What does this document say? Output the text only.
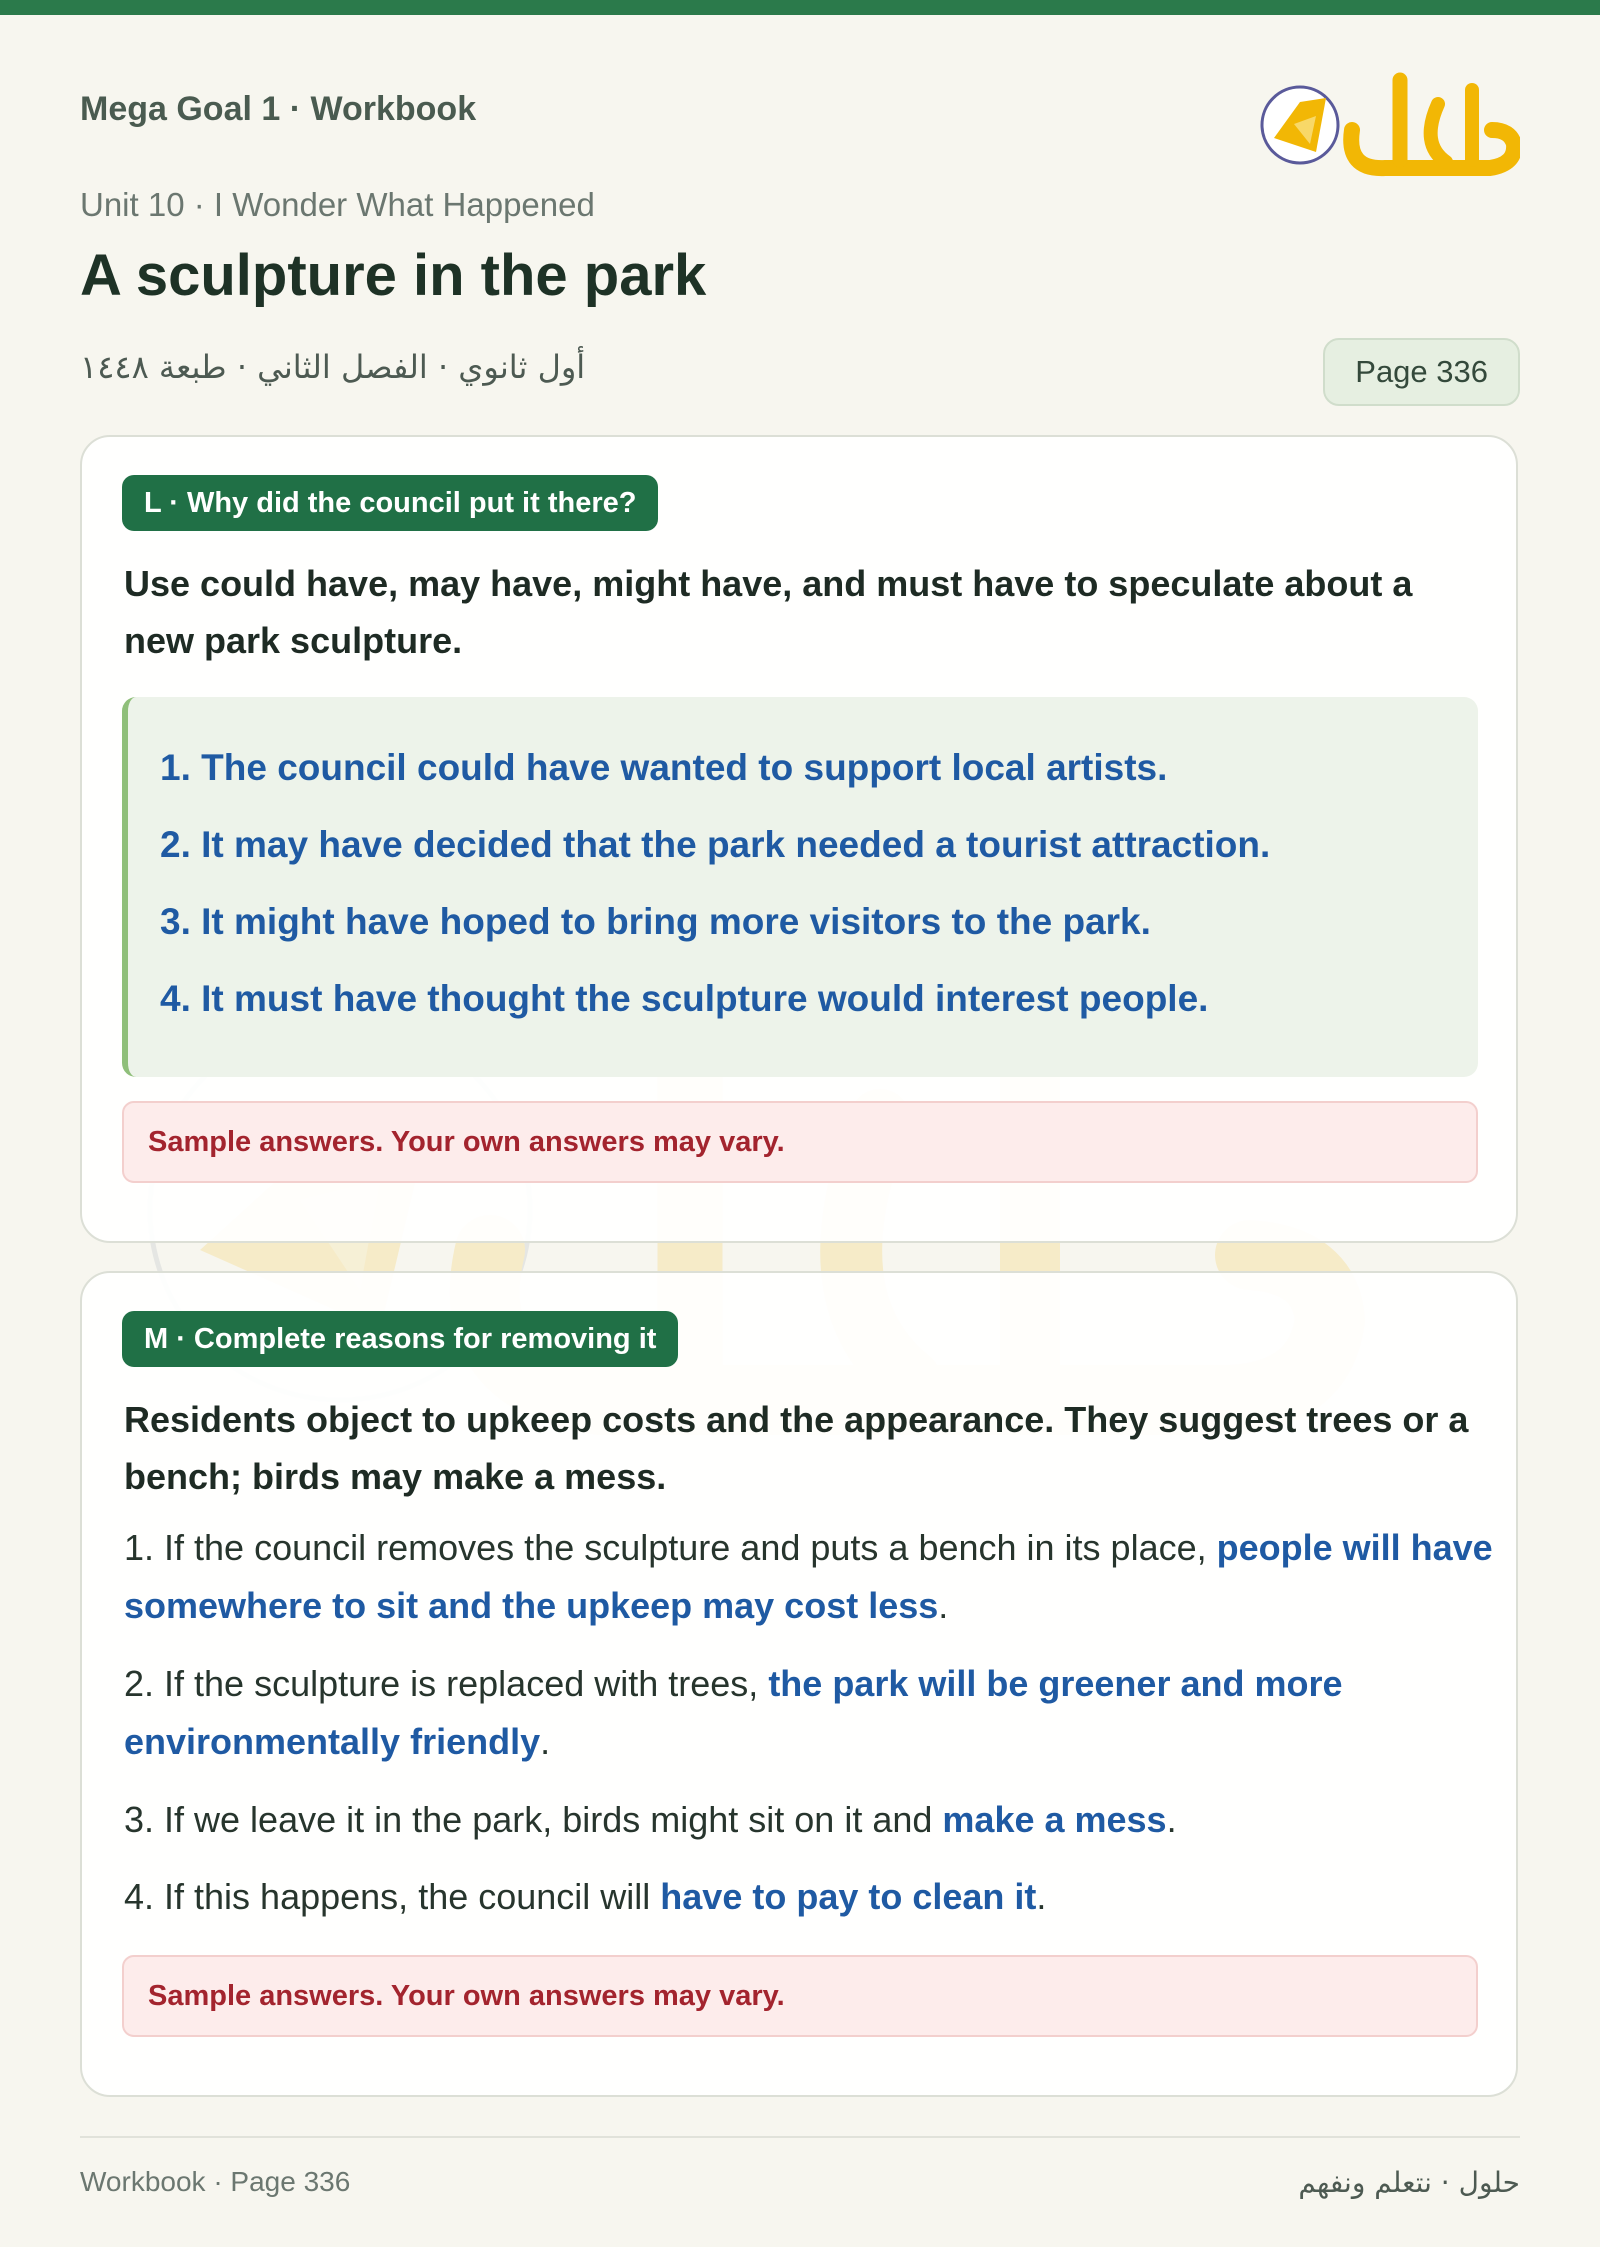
Mega Goal 1 · Workbook
Unit 10 · I Wonder What Happened
A sculpture in the park
أول ثانوي · الفصل الثاني · طبعة ١٤٤٨	Page 336
L · Why did the council put it there?
Use could have, may have, might have, and must have to speculate about a new park sculpture.
1. The council could have wanted to support local artists.
2. It may have decided that the park needed a tourist attraction.
3. It might have hoped to bring more visitors to the park.
4. It must have thought the sculpture would interest people.
Sample answers. Your own answers may vary.
M · Complete reasons for removing it
Residents object to upkeep costs and the appearance. They suggest trees or a bench; birds may make a mess.
1. If the council removes the sculpture and puts a bench in its place, people will have somewhere to sit and the upkeep may cost less.
2. If the sculpture is replaced with trees, the park will be greener and more environmentally friendly.
3. If we leave it in the park, birds might sit on it and make a mess.
4. If this happens, the council will have to pay to clean it.
Sample answers. Your own answers may vary.
Workbook · Page 336	حلول · نتعلم ونفهم
